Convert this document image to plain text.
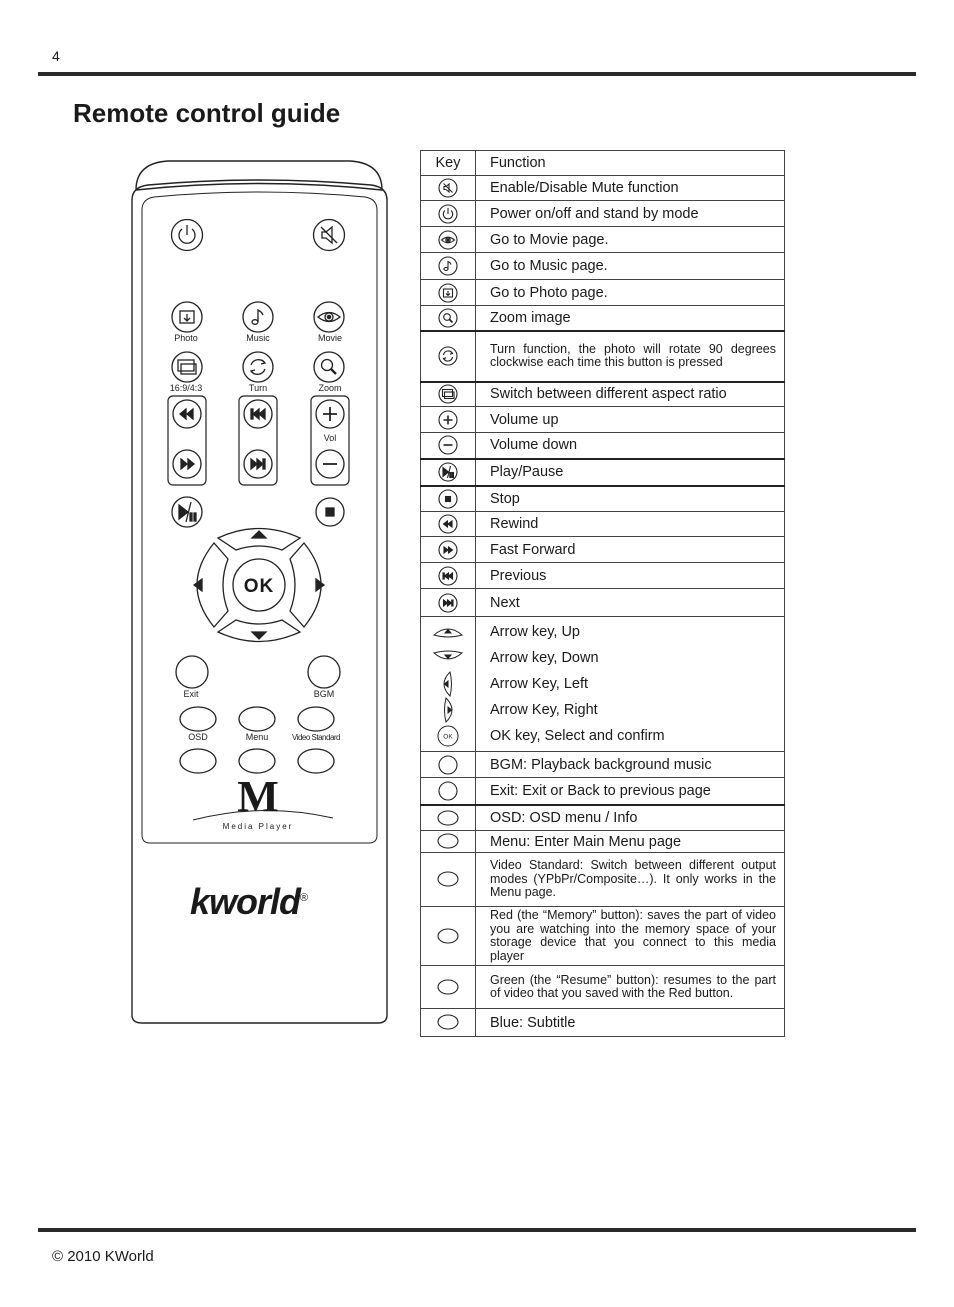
4
Remote control guide
Photo	Music	Movie
16:9/4:3	Turn	Zoom
Vol
OK
Exit	BGM
OSD	Menu	Video Standard
M
Media Player
kworld®
Key	Function
	Enable/Disable Mute function
	Power on/off and stand by mode
	Go to Movie page.
	Go to Music page.
	Go to Photo page.
	Zoom image
	Turn function, the photo will rotate 90 degrees clockwise each time this button is pressed
	Switch between different aspect ratio
	Volume up
	Volume down
	Play/Pause
	Stop
	Rewind
	Fast Forward
	Previous
	Next

OK	Arrow key, Up
Arrow key, Down
Arrow Key, Left
Arrow Key, Right
OK key, Select and confirm

	BGM: Playback background music
	Exit: Exit or Back to previous page
	OSD: OSD menu / Info
	Menu: Enter Main Menu page
	Video Standard: Switch between different output modes (YPbPr/Composite…). It only works in the Menu page.
	Red (the “Memory” button): saves the part of video you are watching into the memory space of your storage device that you connect to this media player
	Green (the “Resume” button): resumes to the part of video that you saved with the Red button.
	Blue: Subtitle
© 2010 KWorld
